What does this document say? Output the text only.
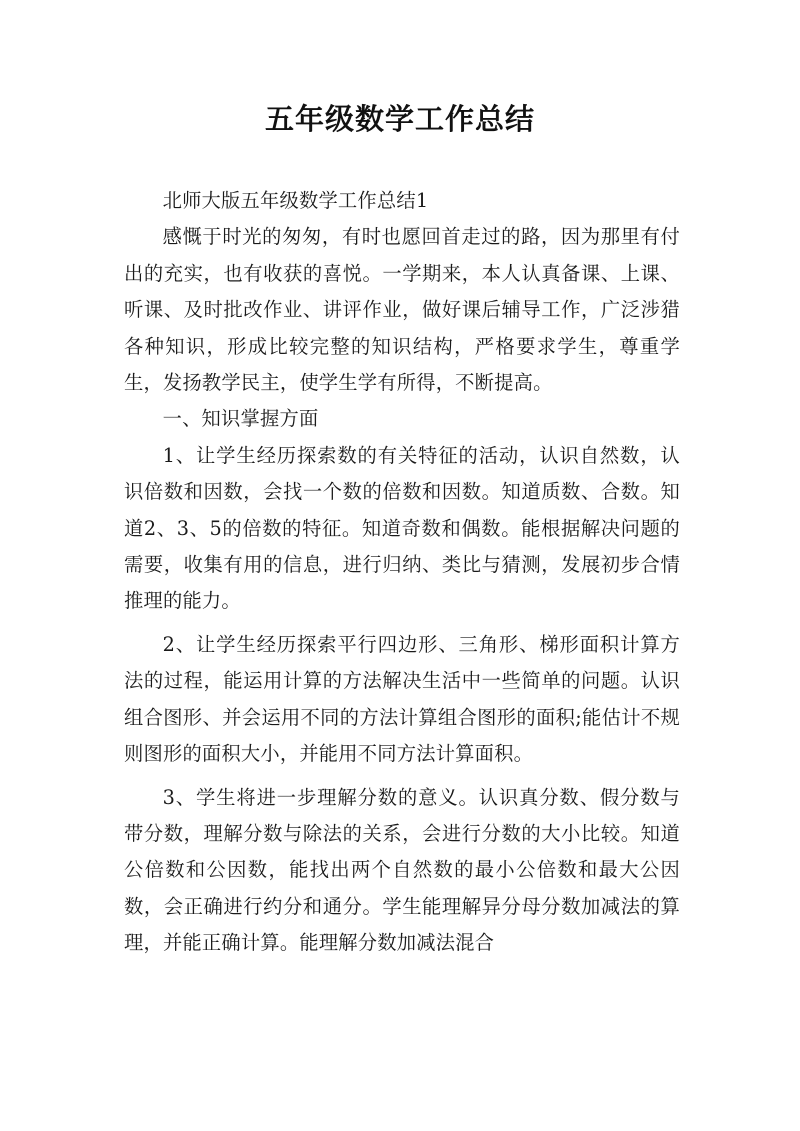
五年级数学工作总结

北师大版五年级数学工作总结1

感慨于时光的匆匆，有时也愿回首走过的路，因为那里有付出的充实，也有收获的喜悦。一学期来，本人认真备课、上课、听课、及时批改作业、讲评作业，做好课后辅导工作，广泛涉猎各种知识，形成比较完整的知识结构，严格要求学生，尊重学生，发扬教学民主，使学生学有所得，不断提高。

一、知识掌握方面

1、让学生经历探索数的有关特征的活动，认识自然数，认识倍数和因数，会找一个数的倍数和因数。知道质数、合数。知道2、3、5的倍数的特征。知道奇数和偶数。能根据解决问题的需要，收集有用的信息，进行归纳、类比与猜测，发展初步合情推理的能力。

2、让学生经历探索平行四边形、三角形、梯形面积计算方法的过程，能运用计算的方法解决生活中一些简单的问题。认识组合图形、并会运用不同的方法计算组合图形的面积;能估计不规则图形的面积大小，并能用不同方法计算面积。

3、学生将进一步理解分数的意义。认识真分数、假分数与带分数，理解分数与除法的关系，会进行分数的大小比较。知道公倍数和公因数，能找出两个自然数的最小公倍数和最大公因数，会正确进行约分和通分。学生能理解异分母分数加减法的算理，并能正确计算。能理解分数加减法混合
